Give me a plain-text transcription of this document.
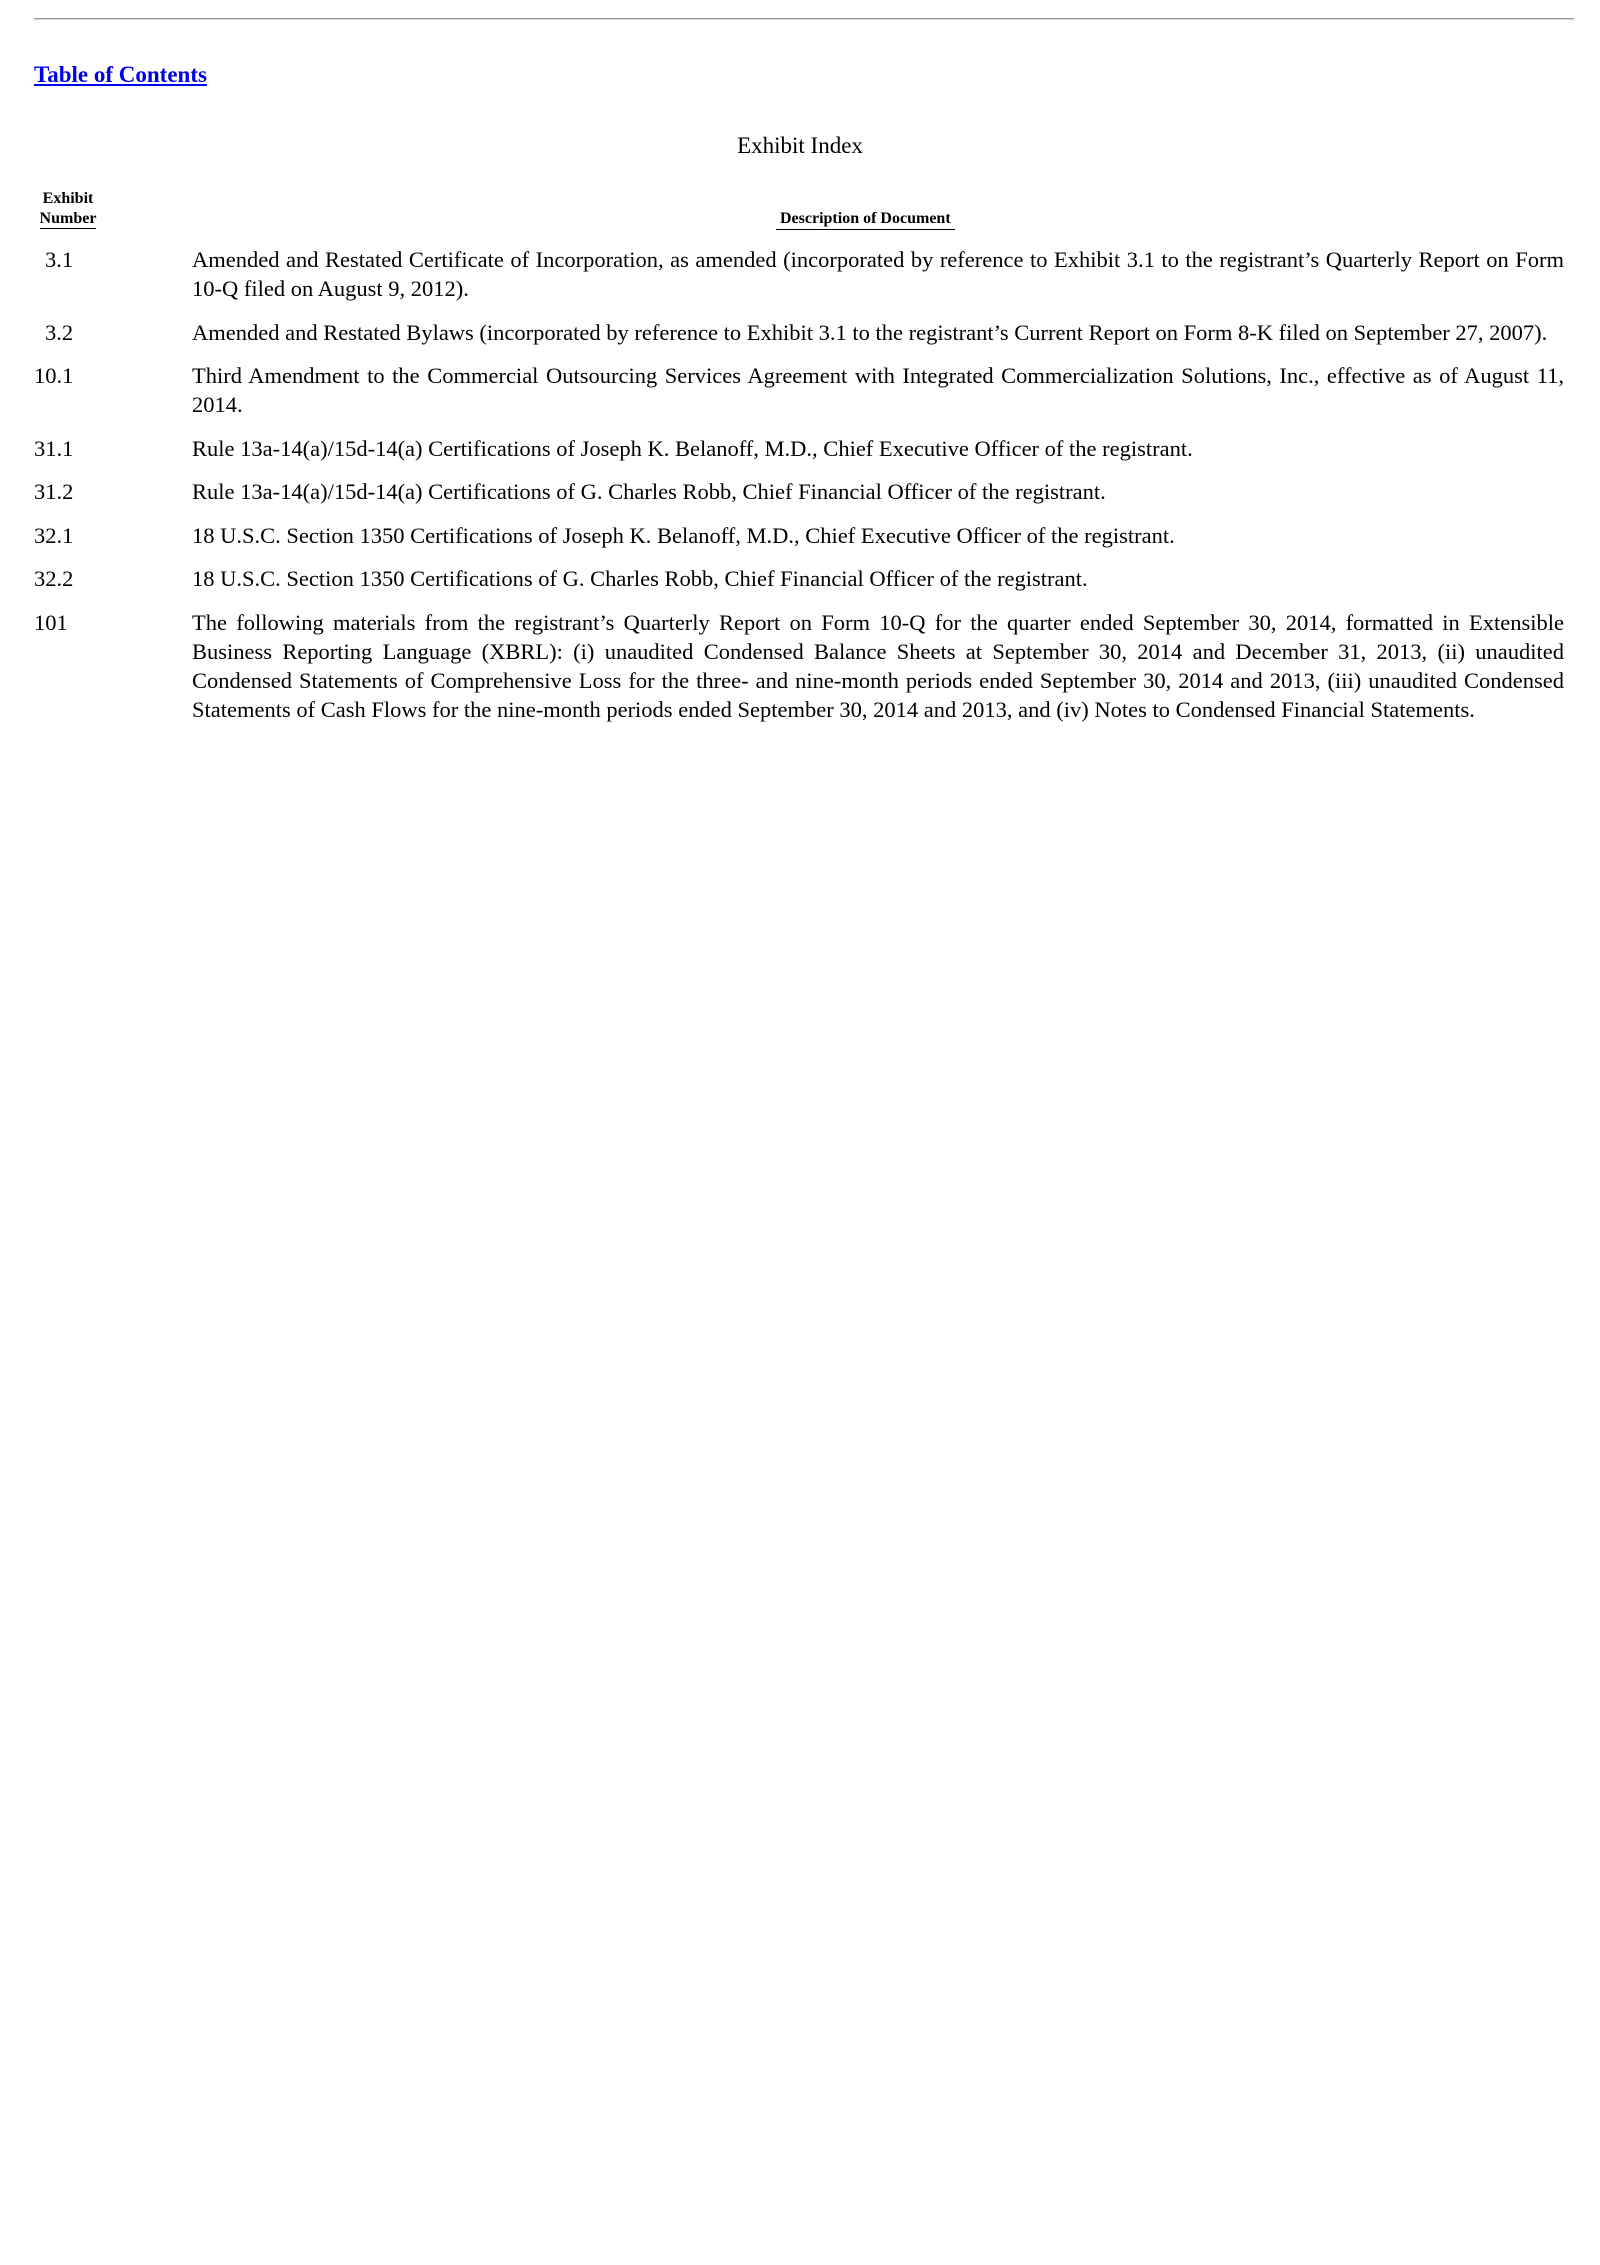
Table of Contents
Exhibit Index
Exhibit
Number	Description of Document
3.1	Amended and Restated Certificate of Incorporation, as amended (incorporated by reference to Exhibit 3.1 to the registrant’s Quarterly Report on Form 10-Q filed on August 9, 2012).
3.2	Amended and Restated Bylaws (incorporated by reference to Exhibit 3.1 to the registrant’s Current Report on Form 8-K filed on September 27, 2007).
10.1	Third Amendment to the Commercial Outsourcing Services Agreement with Integrated Commercialization Solutions, Inc., effective as of August 11, 2014.
31.1	Rule 13a-14(a)/15d-14(a) Certifications of Joseph K. Belanoff, M.D., Chief Executive Officer of the registrant.
31.2	Rule 13a-14(a)/15d-14(a) Certifications of G. Charles Robb, Chief Financial Officer of the registrant.
32.1	18 U.S.C. Section 1350 Certifications of Joseph K. Belanoff, M.D., Chief Executive Officer of the registrant.
32.2	18 U.S.C. Section 1350 Certifications of G. Charles Robb, Chief Financial Officer of the registrant.
101	The following materials from the registrant’s Quarterly Report on Form 10-Q for the quarter ended September 30, 2014, formatted in Extensible Business Reporting Language (XBRL): (i) unaudited Condensed Balance Sheets at September 30, 2014 and December 31, 2013, (ii) unaudited Condensed Statements of Comprehensive Loss for the three- and nine-month periods ended September 30, 2014 and 2013, (iii) unaudited Condensed Statements of Cash Flows for the nine-month periods ended September 30, 2014 and 2013, and (iv) Notes to Condensed Financial Statements.
